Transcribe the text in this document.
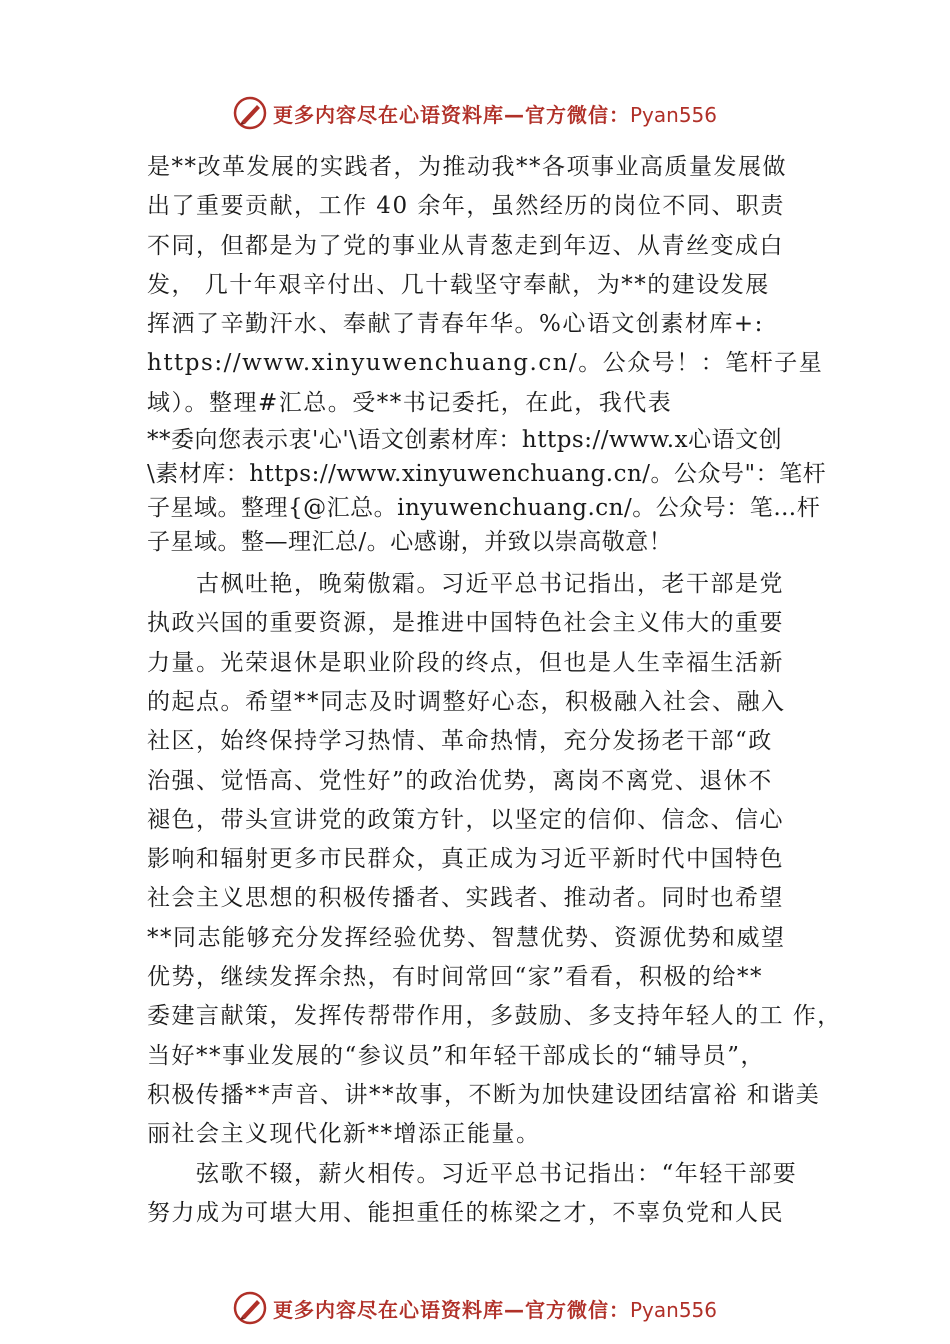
更多内容尽在心语资料库—官方微信：Pyan556
是**改革发展的实践者，为推动我**各项事业高质量发展做
出了重要贡献，工作 40 余年，虽然经历的岗位不同、职责
不同，但都是为了党的事业从青葱走到年迈、从青丝变成白
发， 几十年艰辛付出、几十载坚守奉献，为**的建设发展
挥洒了辛勤汗水、奉献了青春年华。%心语文创素材库+:
https://www.xinyuwenchuang.cn/。公众号！：笔杆子星
域）。整理#汇总。受**书记委托，在此，我代表
**委向您表示衷'心'\语文创素材库：https://www.x心语文创
\素材库：https://www.xinyuwenchuang.cn/。公众号"：笔杆
子星域。整理{@汇总。inyuwenchuang.cn/。公众号：笔…杆
子星域。整—理汇总/。心感谢，并致以崇高敬意！
　　古枫吐艳，晚菊傲霜。习近平总书记指出，老干部是党
执政兴国的重要资源，是推进中国特色社会主义伟大的重要
力量。光荣退休是职业阶段的终点，但也是人生幸福生活新
的起点。希望**同志及时调整好心态，积极融入社会、融入
社区，始终保持学习热情、革命热情，充分发扬老干部“政
治强、觉悟高、党性好”的政治优势，离岗不离党、退休不
褪色，带头宣讲党的政策方针，以坚定的信仰、信念、信心
影响和辐射更多市民群众，真正成为习近平新时代中国特色
社会主义思想的积极传播者、实践者、推动者。同时也希望
**同志能够充分发挥经验优势、智慧优势、资源优势和威望
优势，继续发挥余热，有时间常回“家”看看，积极的给**
委建言献策，发挥传帮带作用，多鼓励、多支持年轻人的工 作，
当好**事业发展的“参议员”和年轻干部成长的“辅导员”，
积极传播**声音、讲**故事，不断为加快建设团结富裕 和谐美
丽社会主义现代化新**增添正能量。
　　弦歌不辍，薪火相传。习近平总书记指出：“年轻干部要
努力成为可堪大用、能担重任的栋梁之才，不辜负党和人民
更多内容尽在心语资料库—官方微信：Pyan556
